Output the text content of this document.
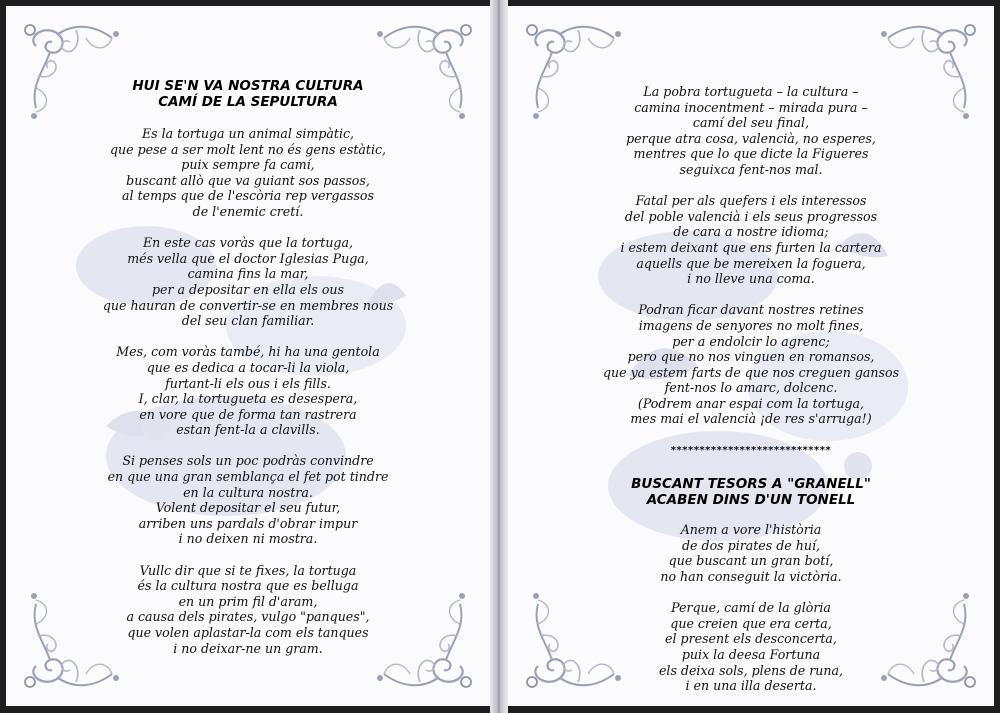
HUI SE'N VA NOSTRA CULTURA
CAMÍ DE LA SEPULTURA
Es la tortuga un animal simpàtic,
que pese a ser molt lent no és gens estàtic,
puix sempre fa camí,
buscant allò que va guiant sos passos,
al temps que de l'escòria rep vergassos
de l'enemic cretí.
En este cas voràs que la tortuga,
més vella que el doctor Iglesias Puga,
camina fins la mar,
per a depositar en ella els ous
que hauran de convertir-se en membres nous
del seu clan familiar.
Mes, com voràs també, hi ha una gentola
que es dedica a tocar-li la viola,
furtant-li els ous i els fills.
I, clar, la tortugueta es desespera,
en vore que de forma tan rastrera
estan fent-la a clavills.
Si penses sols un poc podràs convindre
en que una gran semblança el fet pot tindre
en la cultura nostra.
Volent depositar el seu futur,
arriben uns pardals d'obrar impur
i no deixen ni mostra.
Vullc dir que si te fixes, la tortuga
és la cultura nostra que es belluga
en un prim fil d'aram,
a causa dels pirates, vulgo "panques",
que volen aplastar-la com els tanques
i no deixar-ne un gram.
La pobra tortugueta – la cultura –
camina inocentment – mirada pura –
camí del seu final,
perque atra cosa, valencià, no esperes,
mentres que lo que dicte la Figueres
seguixca fent-nos mal.
Fatal per als quefers i els interessos
del poble valencià i els seus progressos
de cara a nostre idioma;
i estem deixant que ens furten la cartera
aquells que be mereixen la foguera,
i no lleve una coma.
Podran ficar davant nostres retines
imagens de senyores no molt fines,
per a endolcir lo agrenc;
pero que no nos vinguen en romansos,
que ya estem farts de que nos creguen gansos
fent-nos lo amarc, dolcenc.
(Podrem anar espai com la tortuga,
mes mai el valencià ¡de res s'arruga!)
****************************
BUSCANT TESORS A "GRANELL"
ACABEN DINS D'UN TONELL
Anem a vore l'història
de dos pirates de huí,
que buscant un gran botí,
no han conseguit la victòria.
Perque, camí de la glòria
que creien que era certa,
el present els desconcerta,
puix la deesa Fortuna
els deixa sols, plens de runa,
i en una illa deserta.
